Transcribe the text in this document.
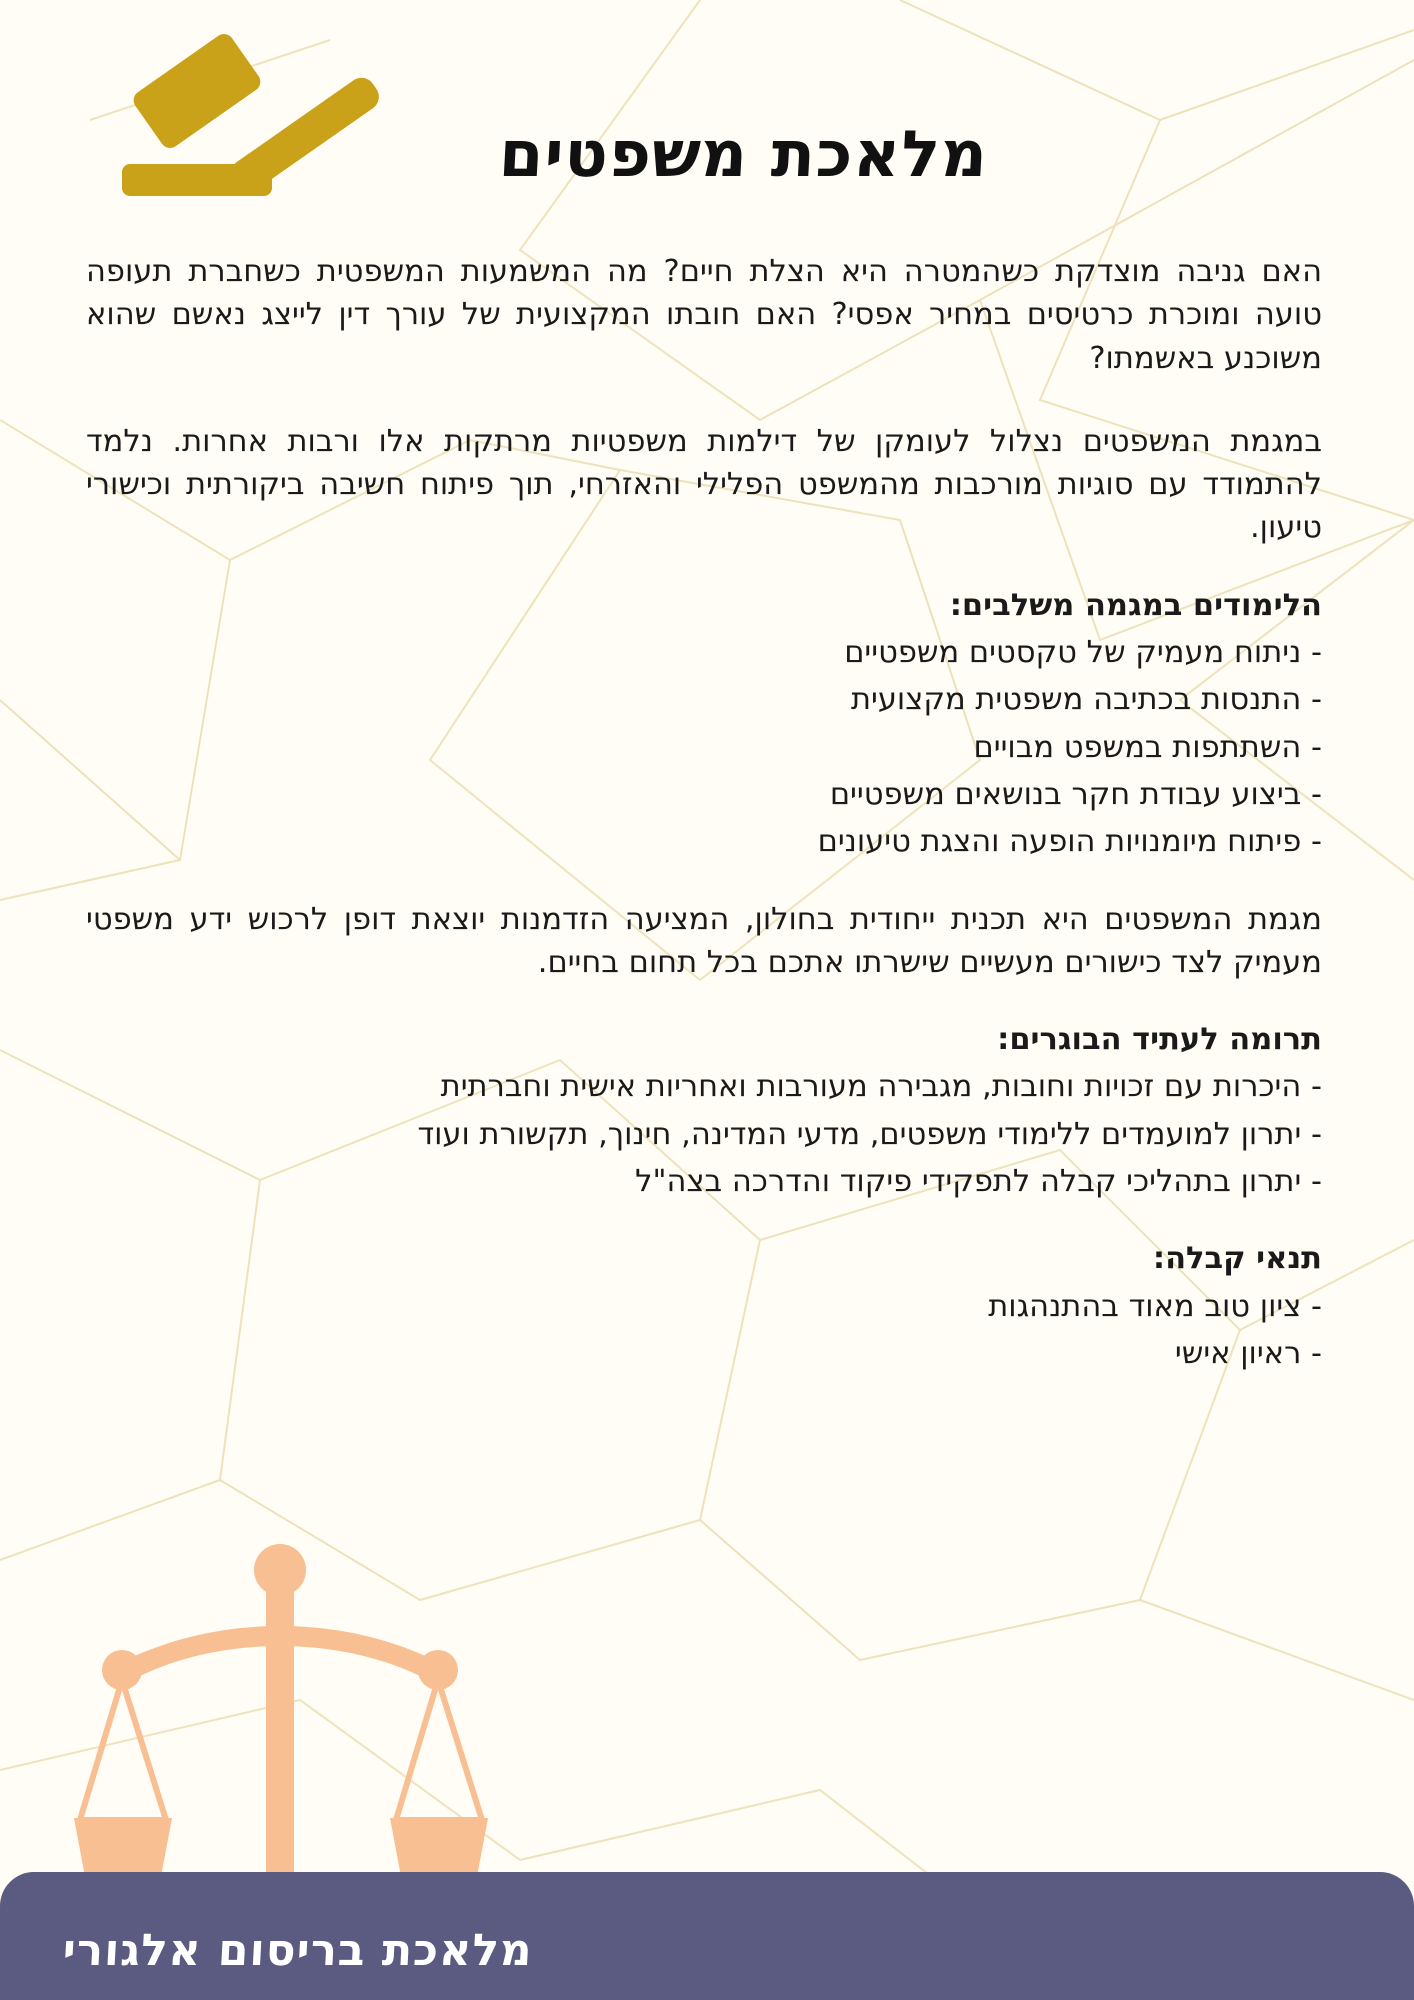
מלאכת משפטים

האם גניבה מוצדקת כשהמטרה היא הצלת חיים? מה המשמעות המשפטית כשחברת תעופה טועה ומוכרת כרטיסים במחיר אפסי? האם חובתו המקצועית של עורך דין לייצג נאשם שהוא משוכנע באשמתו?

במגמת המשפטים נצלול לעומקן של דילמות משפטיות מרתקות אלו ורבות אחרות. נלמד להתמודד עם סוגיות מורכבות מהמשפט הפלילי והאזרחי, תוך פיתוח חשיבה ביקורתית וכישורי טיעון.

הלימודים במגמה משלבים:
- ניתוח מעמיק של טקסטים משפטיים
- התנסות בכתיבה משפטית מקצועית
- השתתפות במשפט מבויים
- ביצוע עבודת חקר בנושאים משפטיים
- פיתוח מיומנויות הופעה והצגת טיעונים

מגמת המשפטים היא תכנית ייחודית בחולון, המציעה הזדמנות יוצאת דופן לרכוש ידע משפטי מעמיק לצד כישורים מעשיים שישרתו אתכם בכל תחום בחיים.

תרומה לעתיד הבוגרים:
- היכרות עם זכויות וחובות, מגבירה מעורבות ואחריות אישית וחברתית
- יתרון למועמדים ללימודי משפטים, מדעי המדינה, חינוך, תקשורת ועוד
- יתרון בתהליכי קבלה לתפקידי פיקוד והדרכה בצה"ל
תנאי קבלה:
- ציון טוב מאוד בהתנהגות
- ראיון אישי
מלאכת בריסום אלגורי
